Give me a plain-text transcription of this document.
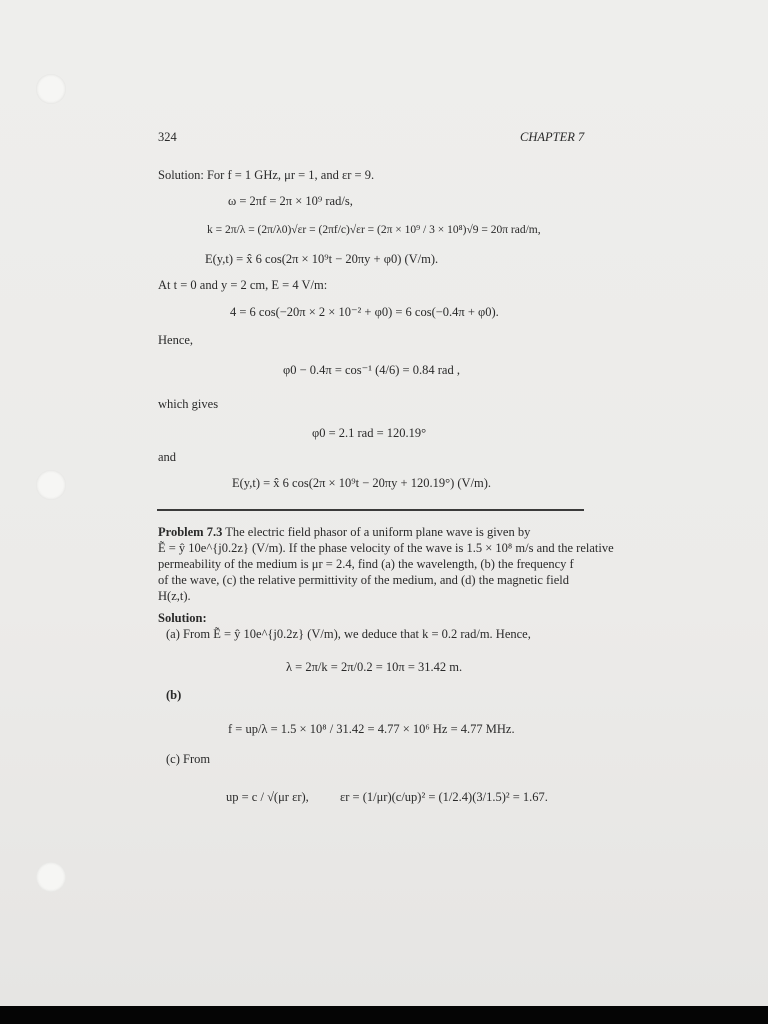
324	CHAPTER 7
Solution: For f = 1 GHz, μr = 1, and εr = 9.
ω = 2πf = 2π × 10⁹ rad/s,
k = 2π/λ = (2π/λ0)√εr = (2πf/c)√εr = (2π × 10⁹ / 3 × 10⁸)√9 = 20π rad/m,
E(y,t) = x̂ 6 cos(2π × 10⁹t − 20πy + φ0) (V/m).
At t = 0 and y = 2 cm, E = 4 V/m:
4 = 6 cos(−20π × 2 × 10⁻² + φ0) = 6 cos(−0.4π + φ0).
Hence,
φ0 − 0.4π = cos⁻¹ (4/6) = 0.84 rad ,
which gives
φ0 = 2.1 rad = 120.19°
and
E(y,t) = x̂ 6 cos(2π × 10⁹t − 20πy + 120.19°) (V/m).
Problem 7.3 The electric field phasor of a uniform plane wave is given by
Ẽ = ŷ 10e^{j0.2z} (V/m). If the phase velocity of the wave is 1.5 × 10⁸ m/s and the relative
permeability of the medium is μr = 2.4, find (a) the wavelength, (b) the frequency f
of the wave, (c) the relative permittivity of the medium, and (d) the magnetic field
H(z,t).
Solution:
(a) From Ẽ = ŷ 10e^{j0.2z} (V/m), we deduce that k = 0.2 rad/m. Hence,
λ = 2π/k = 2π/0.2 = 10π = 31.42 m.
(b)
f = up/λ = 1.5 × 10⁸ / 31.42 = 4.77 × 10⁶ Hz = 4.77 MHz.
(c) From
up = c / √(μr εr), εr = (1/μr)(c/up)² = (1/2.4)(3/1.5)² = 1.67.
